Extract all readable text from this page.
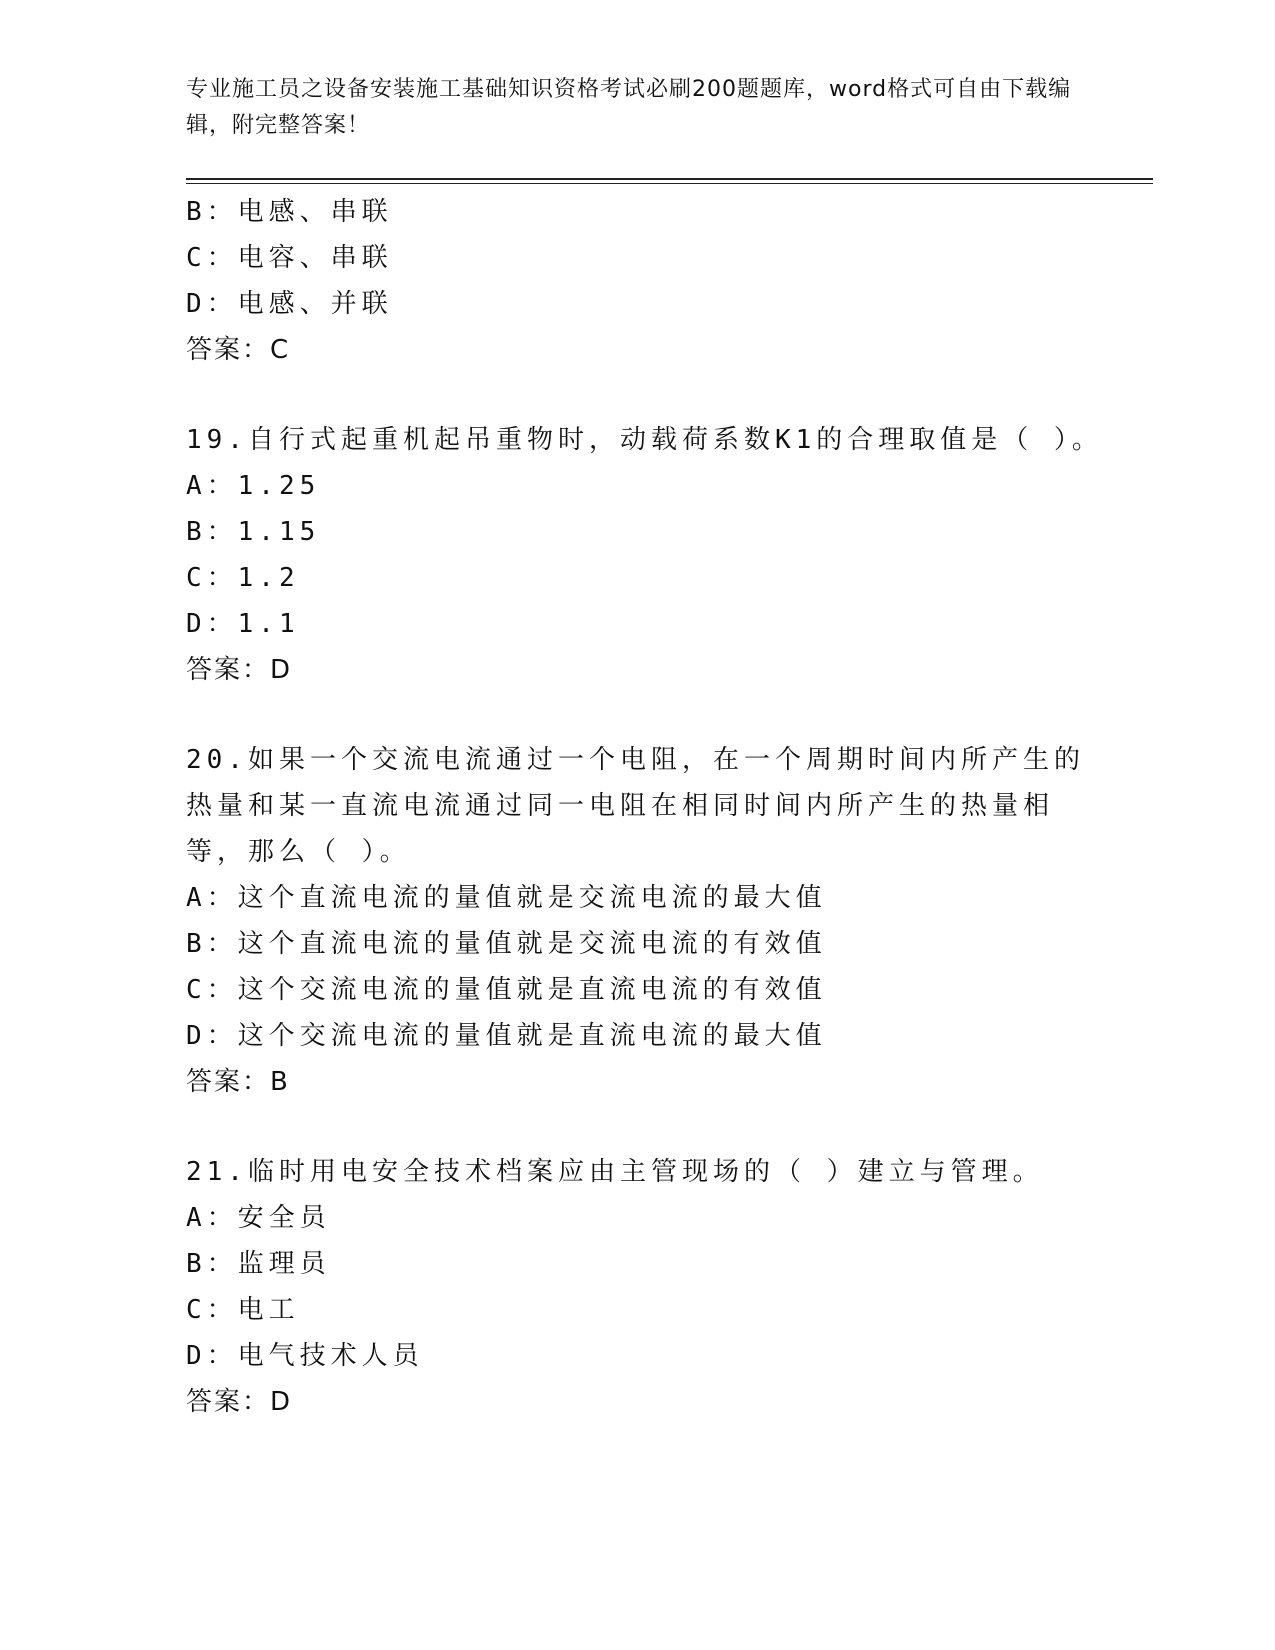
专业施工员之设备安装施工基础知识资格考试必刷200题题库，word格式可自由下载编辑，附完整答案！
B：电感、串联
C：电容、串联
D：电感、并联
答案：C
19.自行式起重机起吊重物时，动载荷系数K1的合理取值是（ ）。
A：1.25
B：1.15
C：1.2
D：1.1
答案：D
20.如果一个交流电流通过一个电阻，在一个周期时间内所产生的热量和某一直流电流通过同一电阻在相同时间内所产生的热量相等，那么（ ）。
A：这个直流电流的量值就是交流电流的最大值
B：这个直流电流的量值就是交流电流的有效值
C：这个交流电流的量值就是直流电流的有效值
D：这个交流电流的量值就是直流电流的最大值
答案：B
21.临时用电安全技术档案应由主管现场的（ ）建立与管理。
A：安全员
B：监理员
C：电工
D：电气技术人员
答案：D
